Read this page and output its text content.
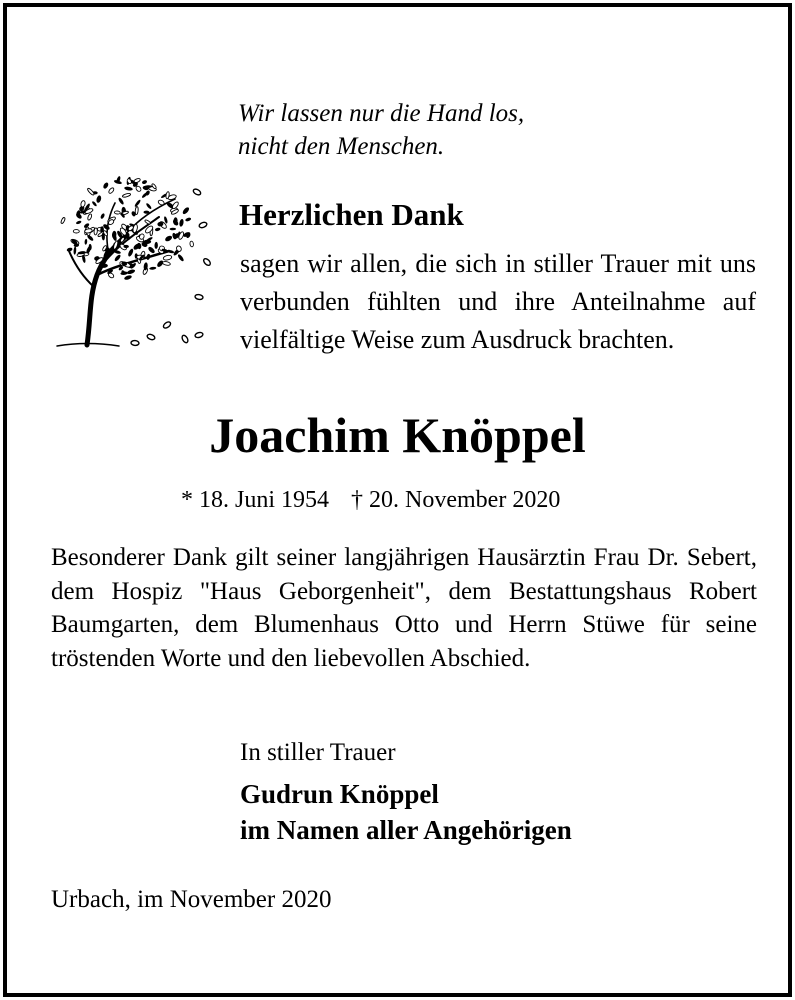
Wir lassen nur die Hand los,
nicht den Menschen.
Herzlichen Dank
sagen wir allen, die sich in stiller Trauer mit uns verbunden fühlten und ihre Anteilnahme auf vielfältige Weise zum Ausdruck brachten.
Joachim Knöppel
* 18. Juni 1954 † 20. November 2020
Besonderer Dank gilt seiner langjährigen Hausärztin Frau Dr. Sebert, dem Hospiz "Haus Geborgenheit", dem Bestattungshaus Robert Baumgarten, dem Blumenhaus Otto und Herrn Stüwe für seine tröstenden Worte und den liebevollen Abschied.
In stiller Trauer
Gudrun Knöppel
im Namen aller Angehörigen
Urbach, im November 2020
